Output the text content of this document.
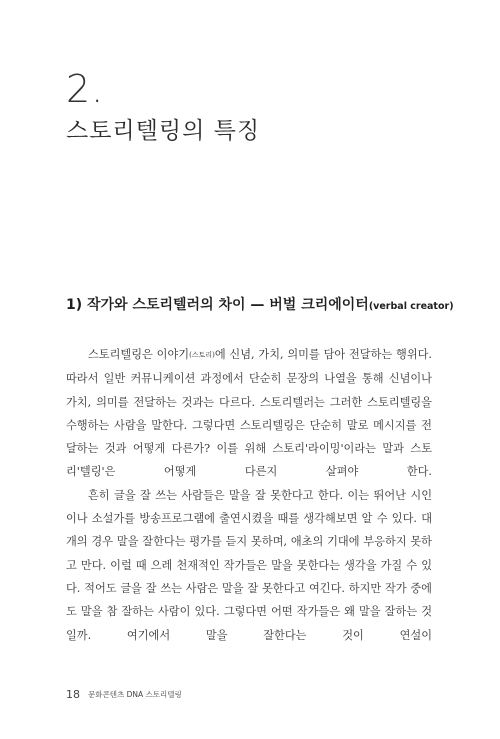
2.
스토리텔링의 특징
1) 작가와 스토리텔러의 차이 — 버벌 크리에이터(verbal creator)

스토리텔링은 이야기(스토리)에 신념, 가치, 의미를 담아 전달하는 행위다. 따라서 일반 커뮤니케이션 과정에서 단순히 문장의 나열을 통해 신념이나 가치, 의미를 전달하는 것과는 다르다. 스토리텔러는 그러한 스토리텔링을 수행하는 사람을 말한다. 그렇다면 스토리텔링은 단순히 말로 메시지를 전달하는 것과 어떻게 다른가? 이를 위해 스토리'라이밍'이라는 말과 스토리'텔링'은 어떻게 다른지 살펴야 한다.

흔히 글을 잘 쓰는 사람들은 말을 잘 못한다고 한다. 이는 뛰어난 시인이나 소설가를 방송프로그램에 출연시켰을 때를 생각해보면 알 수 있다. 대개의 경우 말을 잘한다는 평가를 듣지 못하며, 애초의 기대에 부응하지 못하고 만다. 이럴 때 으레 천재적인 작가들은 말을 못한다는 생각을 가질 수 있다. 적어도 글을 잘 쓰는 사람은 말을 잘 못한다고 여긴다. 하지만 작가 중에도 말을 참 잘하는 사람이 있다. 그렇다면 어떤 작가들은 왜 말을 잘하는 것일까. 여기에서 말을 잘한다는 것이 연설이

18 문화콘텐츠 DNA 스토리텔링
